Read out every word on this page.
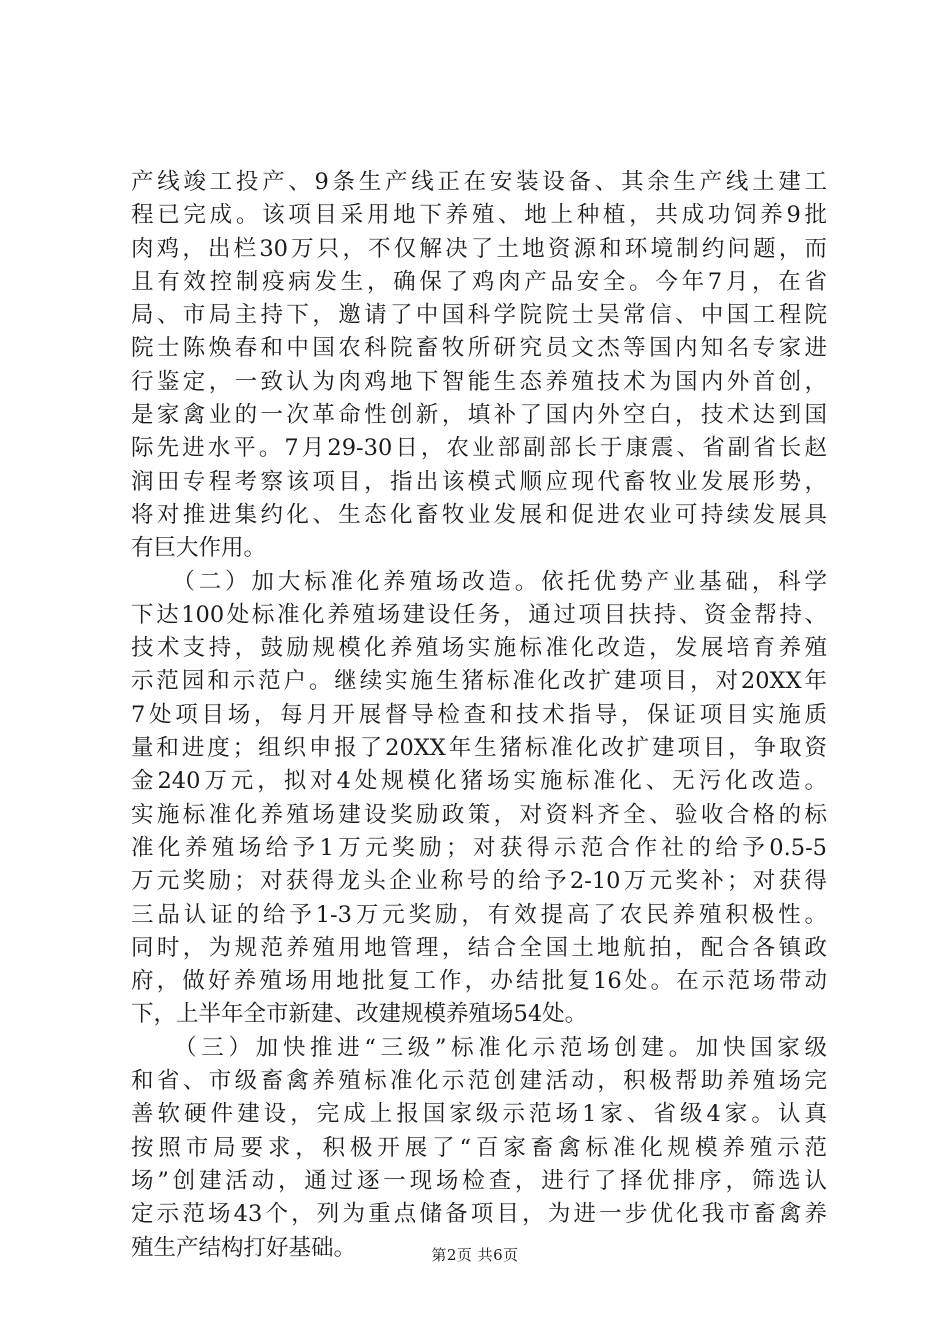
产线竣工投产、9条生产线正在安装设备、其余生产线土建工
程已完成。该项目采用地下养殖、地上种植，共成功饲养9批
肉鸡，出栏30万只，不仅解决了土地资源和环境制约问题，而
且有效控制疫病发生，确保了鸡肉产品安全。今年7月，在省
局、市局主持下，邀请了中国科学院院士吴常信、中国工程院
院士陈焕春和中国农科院畜牧所研究员文杰等国内知名专家进
行鉴定，一致认为肉鸡地下智能生态养殖技术为国内外首创，
是家禽业的一次革命性创新，填补了国内外空白，技术达到国
际先进水平。7月29-30日，农业部副部长于康震、省副省长赵
润田专程考察该项目，指出该模式顺应现代畜牧业发展形势，
将对推进集约化、生态化畜牧业发展和促进农业可持续发展具
有巨大作用。
　　（二）加大标准化养殖场改造。依托优势产业基础，科学
下达100处标准化养殖场建设任务，通过项目扶持、资金帮持、
技术支持，鼓励规模化养殖场实施标准化改造，发展培育养殖
示范园和示范户。继续实施生猪标准化改扩建项目，对20XX年
7处项目场，每月开展督导检查和技术指导，保证项目实施质
量和进度；组织申报了20XX年生猪标准化改扩建项目，争取资
金240万元，拟对4处规模化猪场实施标准化、无污化改造。
实施标准化养殖场建设奖励政策，对资料齐全、验收合格的标
准化养殖场给予1万元奖励；对获得示范合作社的给予0.5-5
万元奖励；对获得龙头企业称号的给予2-10万元奖补；对获得
三品认证的给予1-3万元奖励，有效提高了农民养殖积极性。
同时，为规范养殖用地管理，结合全国土地航拍，配合各镇政
府，做好养殖场用地批复工作，办结批复16处。在示范场带动
下，上半年全市新建、改建规模养殖场54处。
　　（三）加快推进“三级”标准化示范场创建。加快国家级
和省、市级畜禽养殖标准化示范创建活动，积极帮助养殖场完
善软硬件建设，完成上报国家级示范场1家、省级4家。认真
按照市局要求，积极开展了“百家畜禽标准化规模养殖示范
场”创建活动，通过逐一现场检查，进行了择优排序，筛选认
定示范场43个，列为重点储备项目，为进一步优化我市畜禽养
殖生产结构打好基础。	第2页 共6页
